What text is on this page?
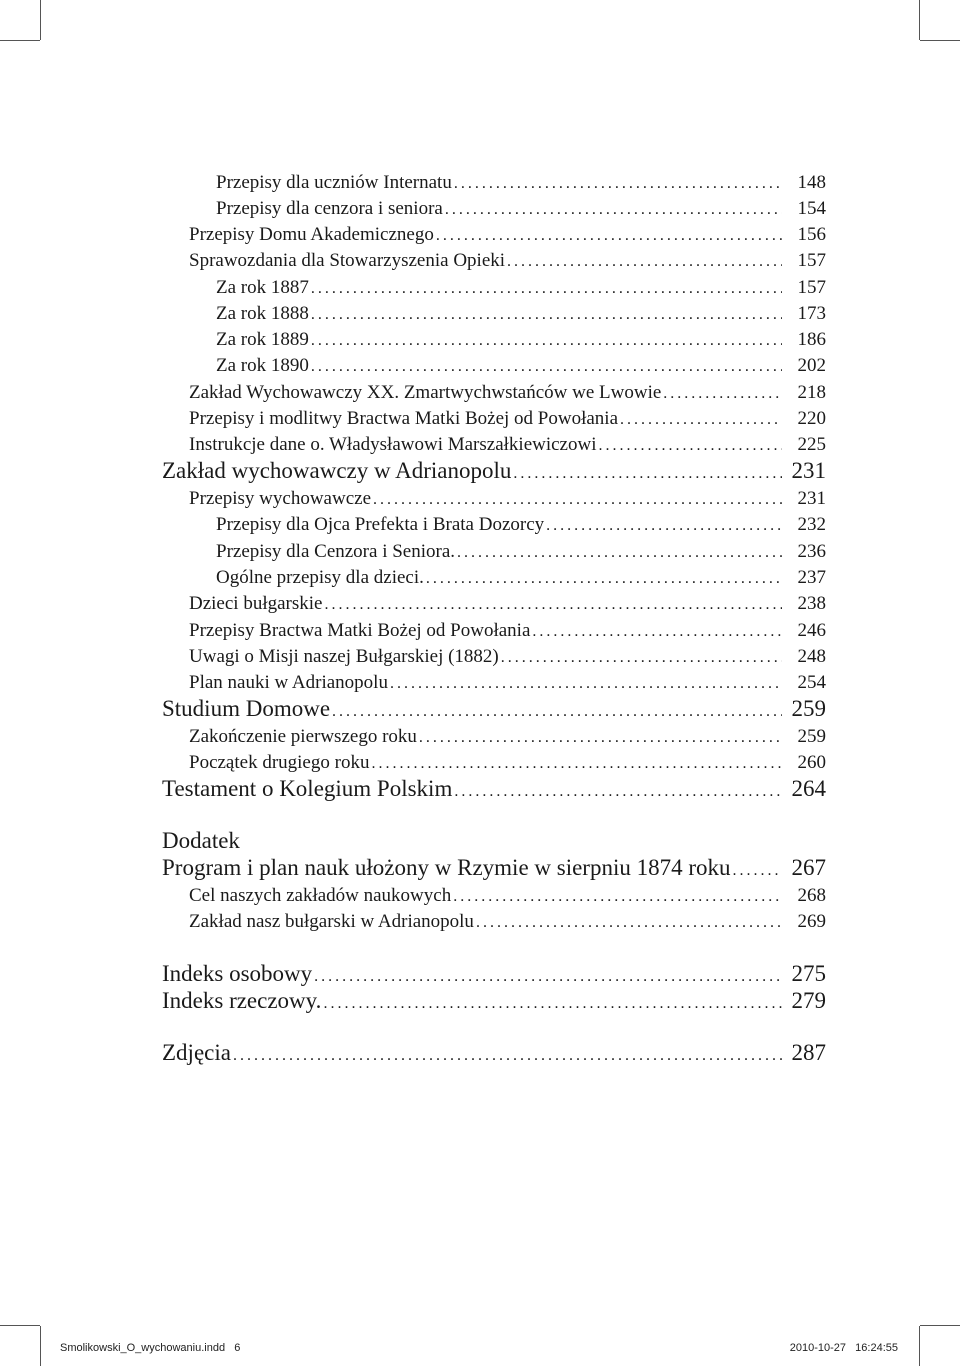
Przepisy dla uczniów Internatu . . .	148
Przepisy dla cenzora i seniora . . .	154
Przepisy Domu Akademicznego . . .	156
Sprawozdania dla Stowarzyszenia Opieki . . .	157
Za rok 1887 . . .	157
Za rok 1888 . . .	173
Za rok 1889 . . .	186
Za rok 1890 . . .	202
Zakład Wychowawczy XX. Zmartwychwstańców we Lwowie . . .	218
Przepisy i modlitwy Bractwa Matki Bożej od Powołania . . .	220
Instrukcje dane o. Władysławowi Marszałkiewiczowi . . .	225
Zakład wychowawczy w Adrianopolu . . .	231
Przepisy wychowawcze . . .	231
Przepisy dla Ojca Prefekta i Brata Dozorcy . . .	232
Przepisy dla Cenzora i Seniora. . . .	236
Ogólne przepisy dla dzieci. . . .	237
Dzieci bułgarskie . . .	238
Przepisy Bractwa Matki Bożej od Powołania . . .	246
Uwagi o Misji naszej Bułgarskiej (1882) . . .	248
Plan nauki w Adrianopolu . . .	254
Studium Domowe . . .	259
Zakończenie pierwszego roku . . .	259
Początek drugiego roku . . .	260
Testament o Kolegium Polskim . . .	264
Dodatek
Program i plan nauk ułożony w Rzymie w sierpniu 1874 roku . . .	267
Cel naszych zakładów naukowych . . .	268
Zakład nasz bułgarski w Adrianopolu . . .	269
Indeks osobowy . . .	275
Indeks rzeczowy. . . .	279
Zdjęcia . . .	287
Smolikowski_O_wychowaniu.indd   6	2010-10-27   16:24:55
